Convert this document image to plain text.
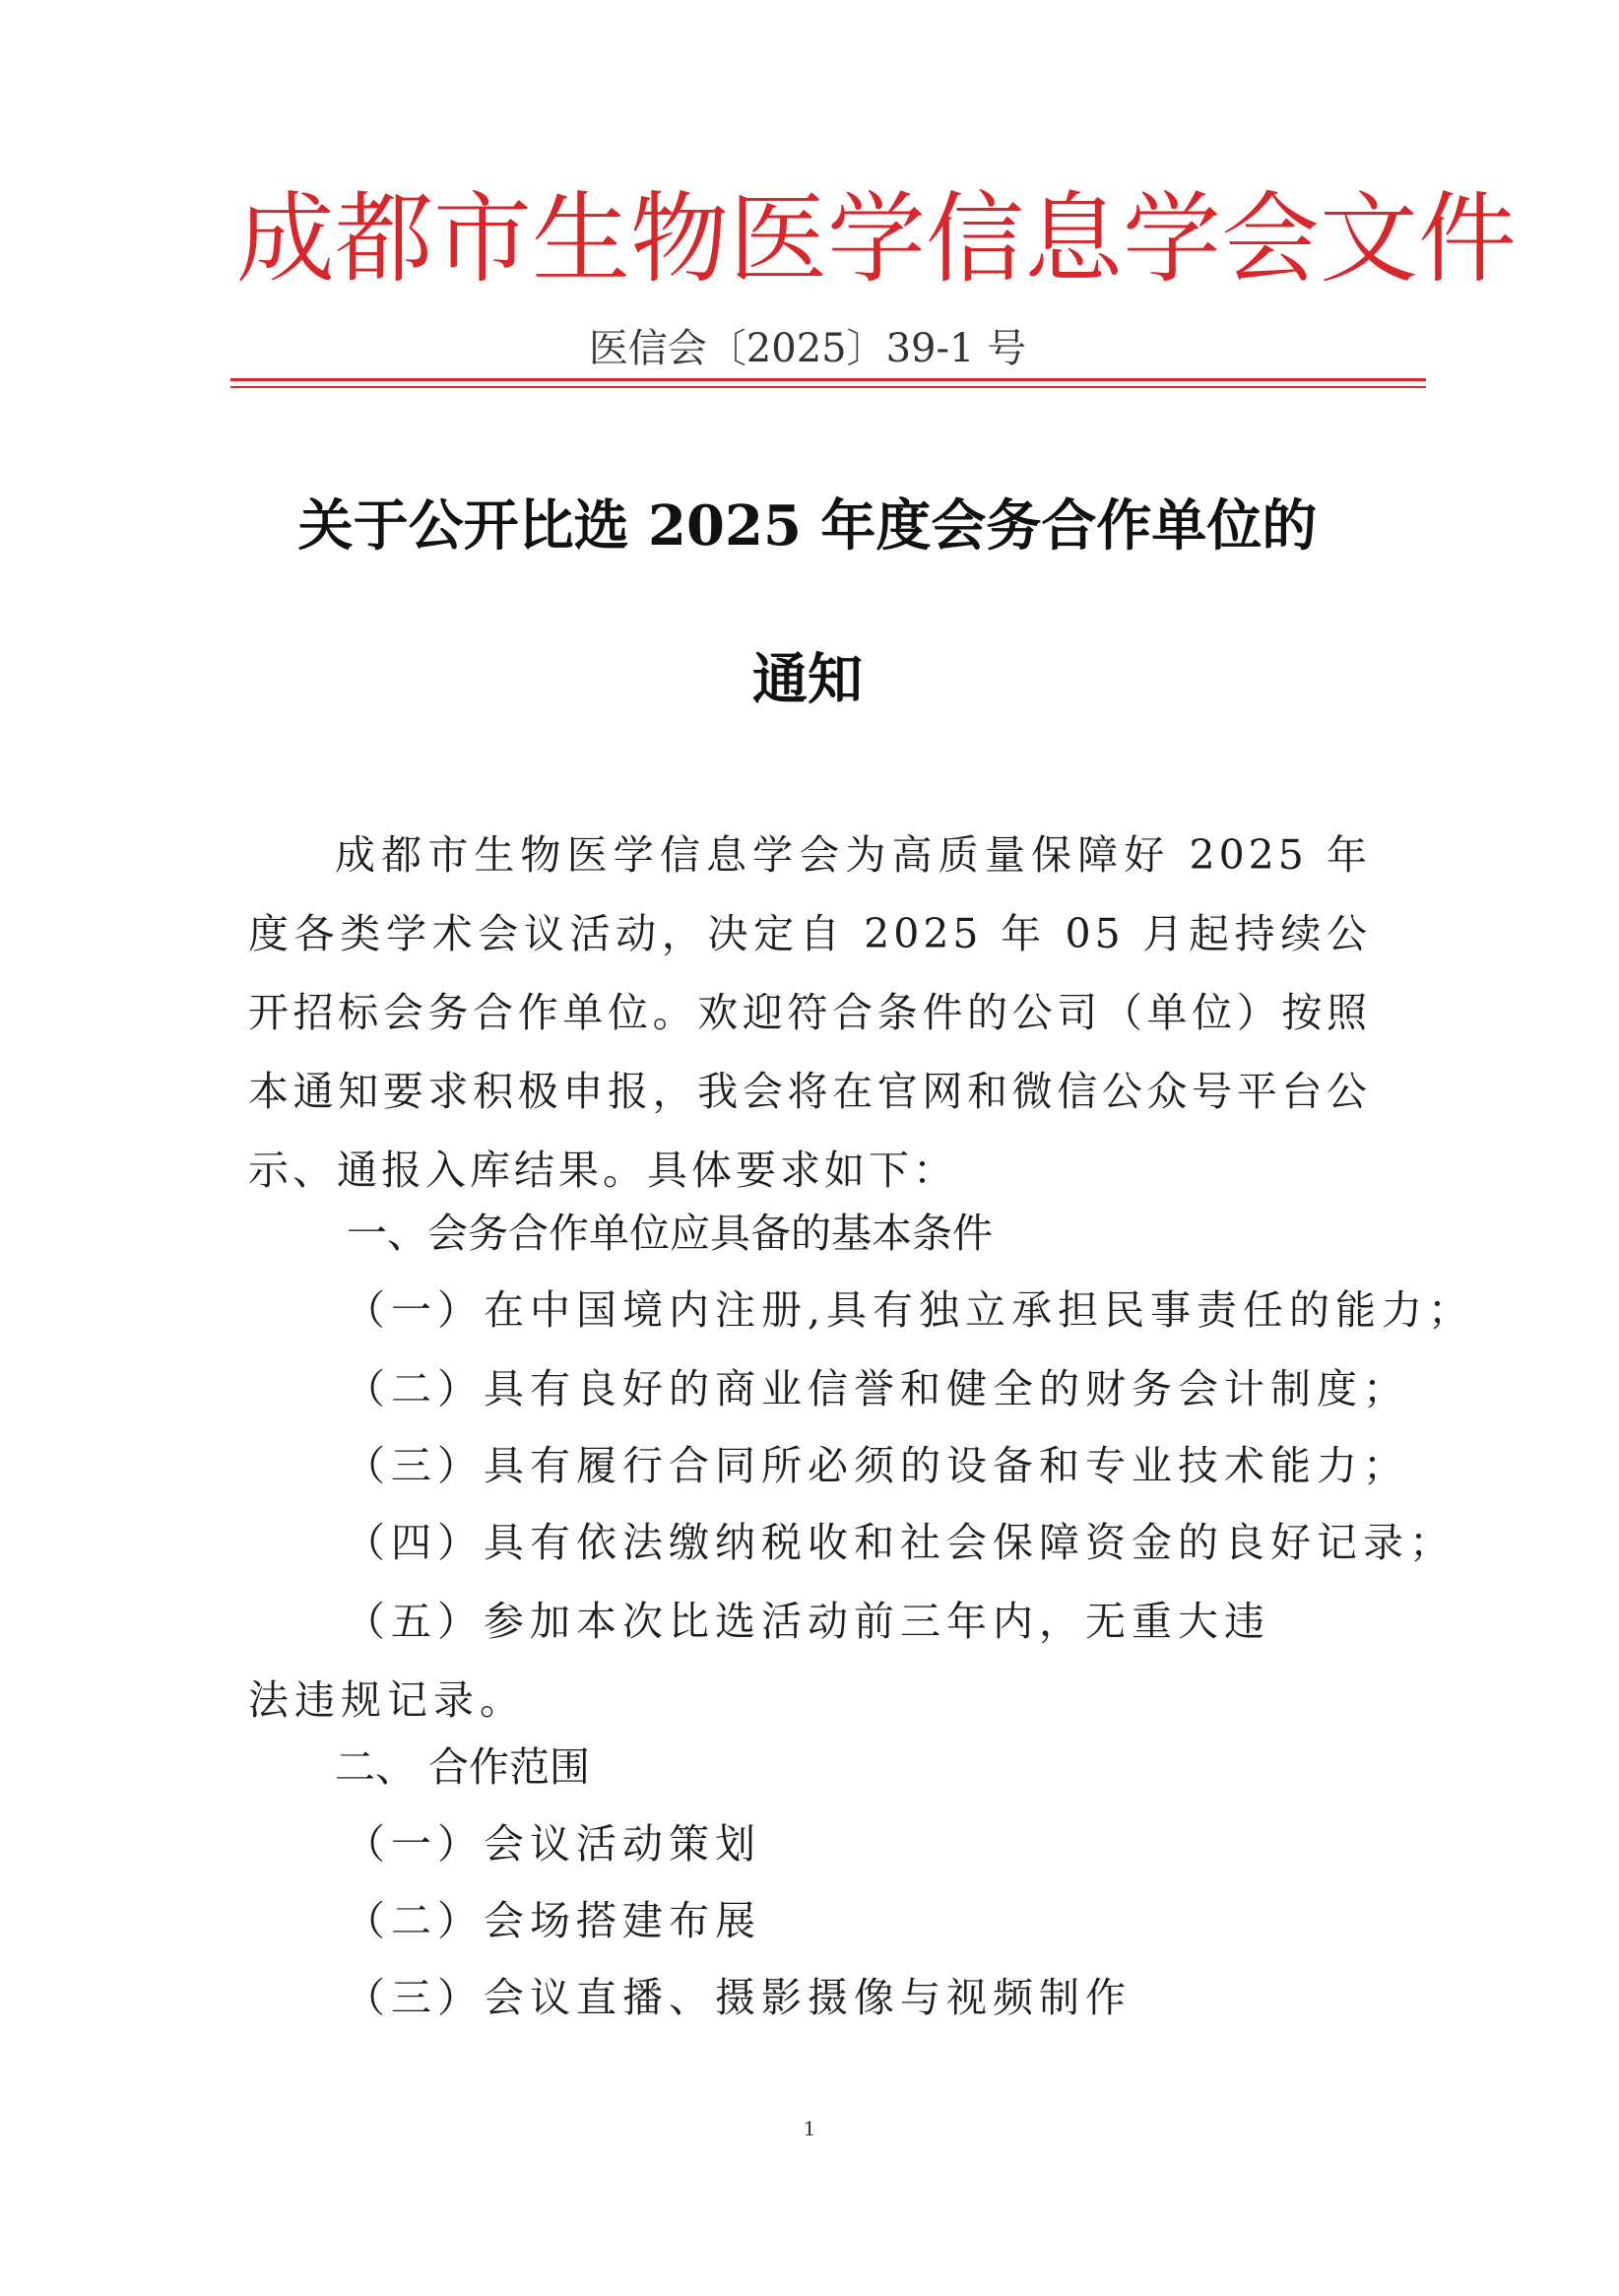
成都市生物医学信息学会文件
医信会〔2025〕39-1 号
关于公开比选 2025 年度会务合作单位的
通知
成都市生物医学信息学会为高质量保障好 2025 年度各类学术会议活动，决定自 2025 年 05 月起持续公开招标会务合作单位。欢迎符合条件的公司（单位）按照本通知要求积极申报，我会将在官网和微信公众号平台公示、通报入库结果。具体要求如下：
一、会务合作单位应具备的基本条件
（一）在中国境内注册,具有独立承担民事责任的能力；
（二）具有良好的商业信誉和健全的财务会计制度；
（三）具有履行合同所必须的设备和专业技术能力；
（四）具有依法缴纳税收和社会保障资金的良好记录；
（五）参加本次比选活动前三年内，无重大违法违规记录。
二、 合作范围
（一）会议活动策划
（二）会场搭建布展
（三）会议直播、摄影摄像与视频制作
1
